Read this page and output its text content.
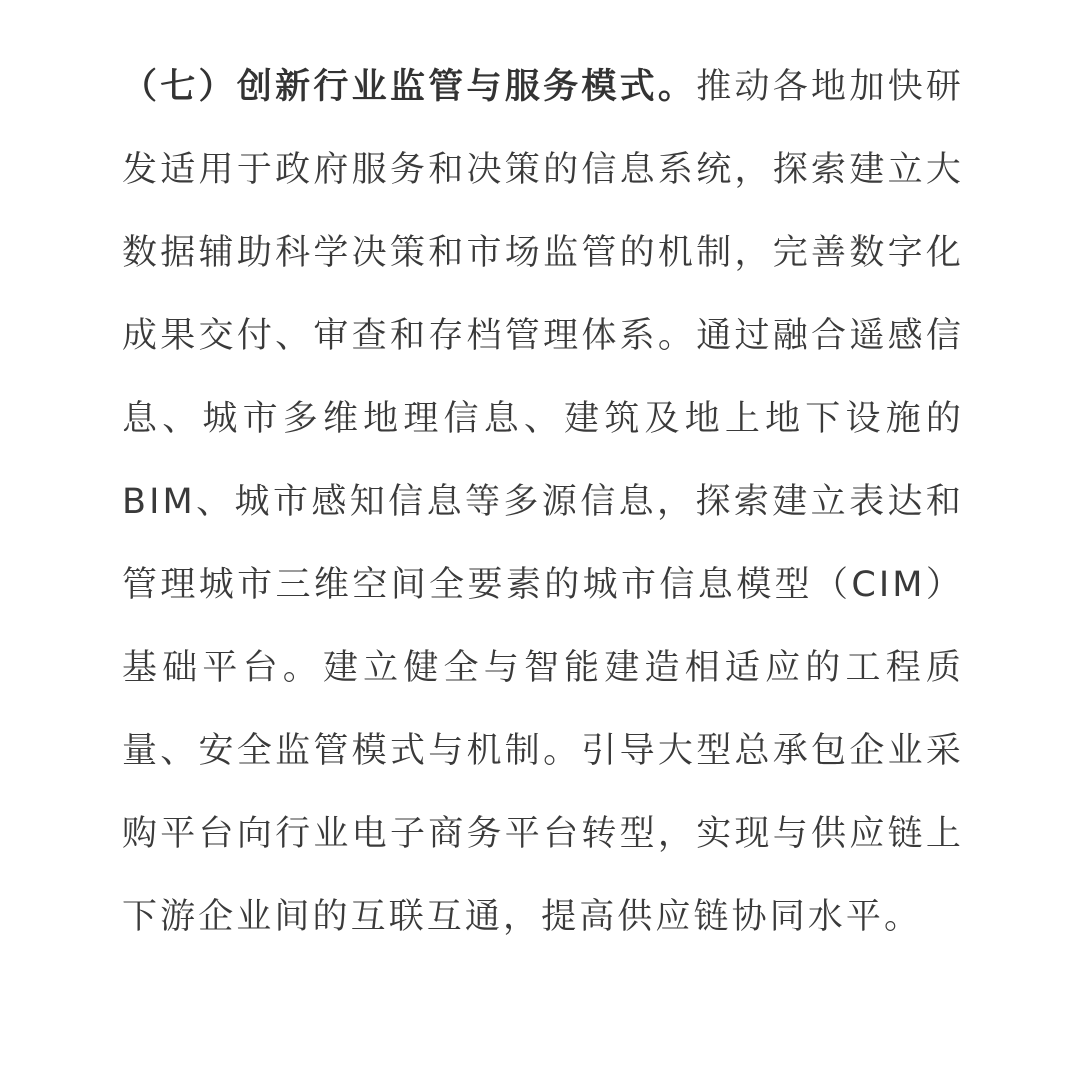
（七）创新行业监管与服务模式。推动各地加快研发适用于政府服务和决策的信息系统，探索建立大数据辅助科学决策和市场监管的机制，完善数字化成果交付、审查和存档管理体系。通过融合遥感信息、城市多维地理信息、建筑及地上地下设施的BIM、城市感知信息等多源信息，探索建立表达和管理城市三维空间全要素的城市信息模型（CIM）基础平台。建立健全与智能建造相适应的工程质量、安全监管模式与机制。引导大型总承包企业采购平台向行业电子商务平台转型，实现与供应链上下游企业间的互联互通，提高供应链协同水平。
